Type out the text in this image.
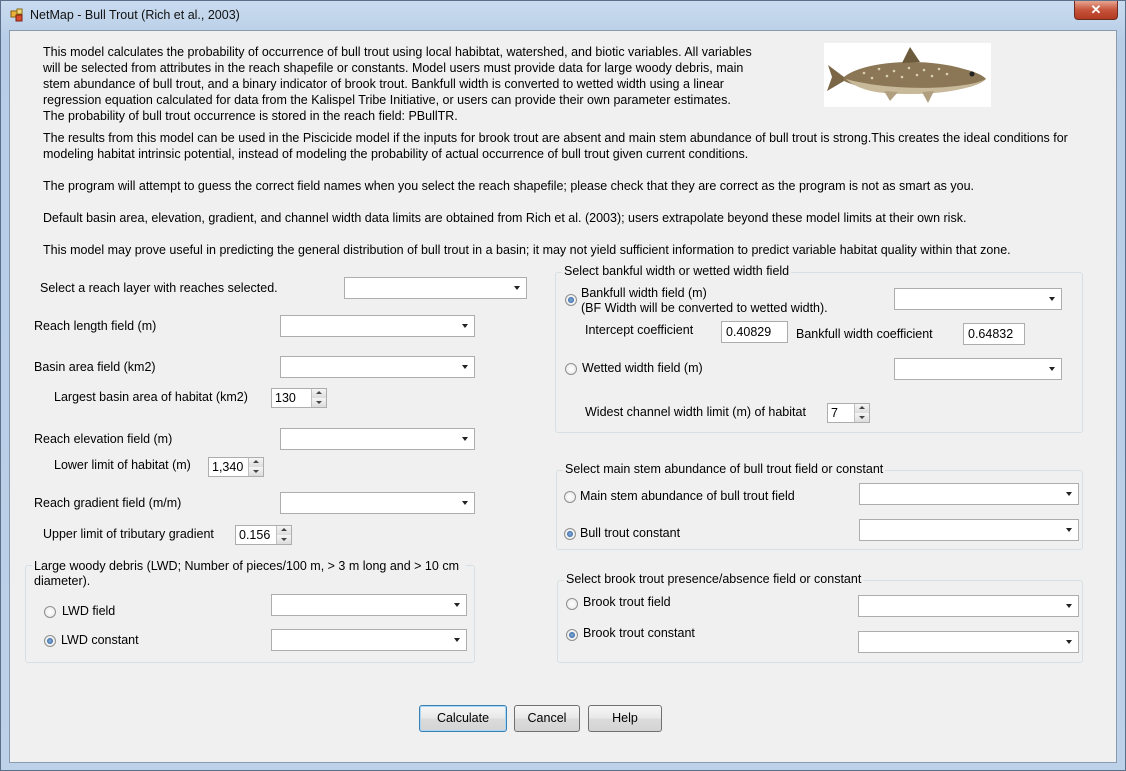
NetMap - Bull Trout (Rich et al., 2003)	✕
This model calculates the probability of occurrence of bull trout using local habibtat, watershed, and biotic variables. All variables will be selected from attributes in the reach shapefile or constants. Model users must provide data for large woody debris, main stem abundance of bull trout, and a binary indicator of brook trout. Bankfull width is converted to wetted width using a linear regression equation calculated for data from the Kalispel Tribe Initiative, or users can provide their own parameter estimates. The probability of bull trout occurrence is stored in the reach field: PBullTR.
The results from this model can be used in the Piscicide model if the inputs for brook trout are absent and main stem abundance of bull trout is strong.This creates the ideal conditions for modeling habitat intrinsic potential, instead of modeling the probability of actual occurrence of bull trout given current conditions.
The program will attempt to guess the correct field names when you select the reach shapefile; please check that they are correct as the program is not as smart as you.
Default basin area, elevation, gradient, and channel width data limits are obtained from Rich et al. (2003); users extrapolate beyond these model limits at their own risk.
This model may prove useful in predicting the general distribution of bull trout in a basin; it may not yield sufficient information to predict variable habitat quality within that zone.
Select a reach layer with reaches selected.
Reach length field (m)
Basin area field (km2)
Largest basin area of habitat (km2) 130
Reach elevation field (m)
Lower limit of habitat (m) 1,340
Reach gradient field (m/m)
Upper limit of tributary gradient 0.156
Large woody debris (LWD; Number of pieces/100 m, > 3 m long and > 10 cm diameter).
LWD field
LWD constant
Select bankful width or wetted width field
Bankfull width field (m)
(BF Width will be converted to wetted width).
Intercept coefficient	0.40829	Bankfull width coefficient	0.64832
Wetted width field (m)
Widest channel width limit (m) of habitat 7
Select main stem abundance of bull trout field or constant
Main stem abundance of bull trout field
Bull trout constant
Select brook trout presence/absence field or constant
Brook trout field
Brook trout constant
Calculate	Cancel	Help
